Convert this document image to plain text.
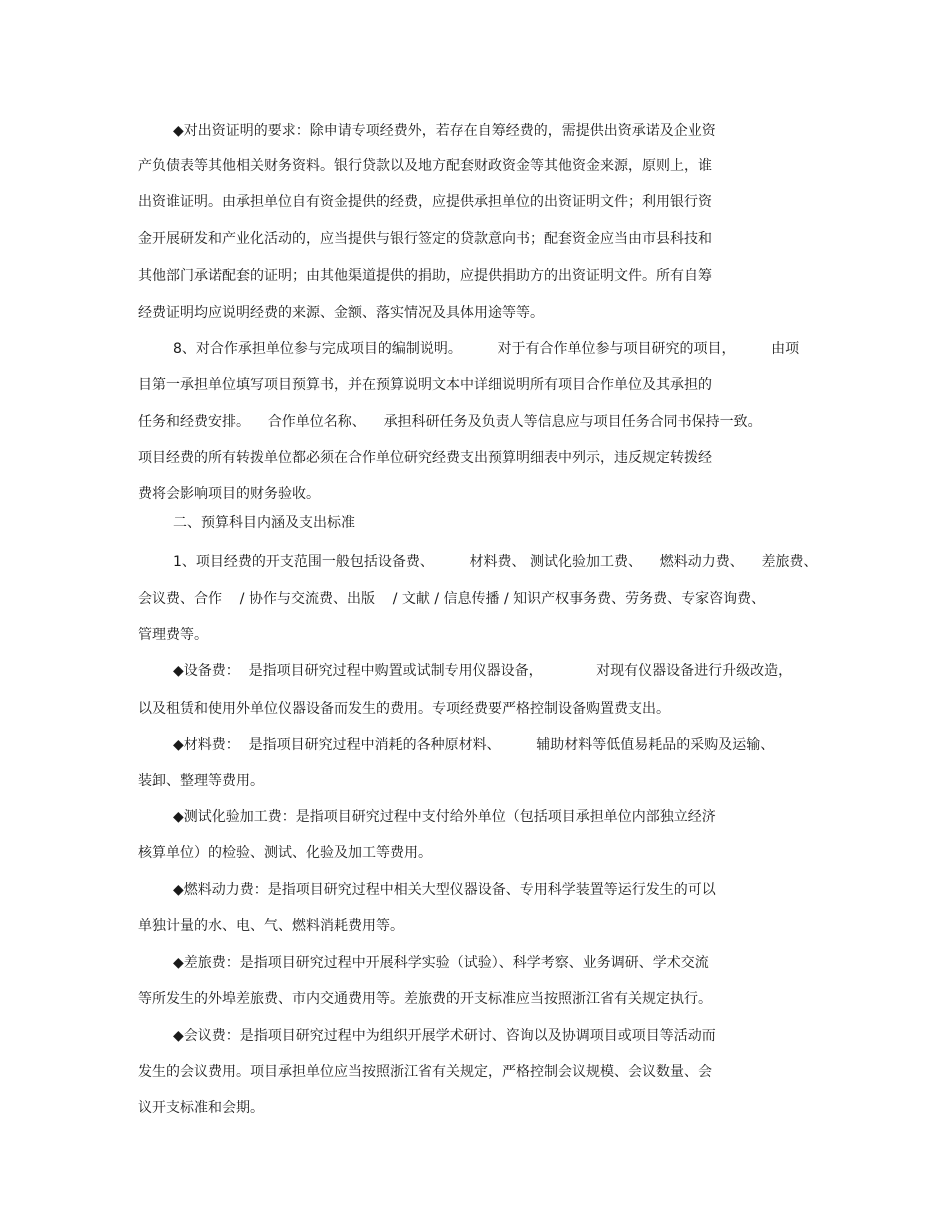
◆对出资证明的要求：除申请专项经费外，若存在自筹经费的，需提供出资承诺及企业资
产负债表等其他相关财务资料。银行贷款以及地方配套财政资金等其他资金来源，原则上，谁
出资谁证明。由承担单位自有资金提供的经费，应提供承担单位的出资证明文件；利用银行资
金开展研发和产业化活动的，应当提供与银行签定的贷款意向书；配套资金应当由市县科技和
其他部门承诺配套的证明；由其他渠道提供的捐助，应提供捐助方的出资证明文件。所有自筹
经费证明均应说明经费的来源、金额、落实情况及具体用途等等。
8、对合作承担单位参与完成项目的编制说明。        对于有合作单位参与项目研究的项目，        由项
目第一承担单位填写项目预算书，并在预算说明文本中详细说明所有项目合作单位及其承担的
任务和经费安排。    合作单位名称、    承担科研任务及负责人等信息应与项目任务合同书保持一致。
项目经费的所有转拨单位都必须在合作单位研究经费支出预算明细表中列示，违反规定转拨经
费将会影响项目的财务验收。
二、预算科目内涵及支出标准
1、项目经费的开支范围一般包括设备费、        材料费、 测试化验加工费、    燃料动力费、    差旅费、
会议费、合作    / 协作与交流费、出版    / 文献 / 信息传播 / 知识产权事务费、劳务费、专家咨询费、
管理费等。
◆设备费：  是指项目研究过程中购置或试制专用仪器设备，            对现有仪器设备进行升级改造，
以及租赁和使用外单位仪器设备而发生的费用。专项经费要严格控制设备购置费支出。
◆材料费：  是指项目研究过程中消耗的各种原材料、        辅助材料等低值易耗品的采购及运输、
装卸、整理等费用。
◆测试化验加工费：是指项目研究过程中支付给外单位（包括项目承担单位内部独立经济
核算单位）的检验、测试、化验及加工等费用。
◆燃料动力费：是指项目研究过程中相关大型仪器设备、专用科学装置等运行发生的可以
单独计量的水、电、气、燃料消耗费用等。
◆差旅费：是指项目研究过程中开展科学实验（试验）、科学考察、业务调研、学术交流
等所发生的外埠差旅费、市内交通费用等。差旅费的开支标准应当按照浙江省有关规定执行。
◆会议费：是指项目研究过程中为组织开展学术研讨、咨询以及协调项目或项目等活动而
发生的会议费用。项目承担单位应当按照浙江省有关规定，严格控制会议规模、会议数量、会
议开支标准和会期。
